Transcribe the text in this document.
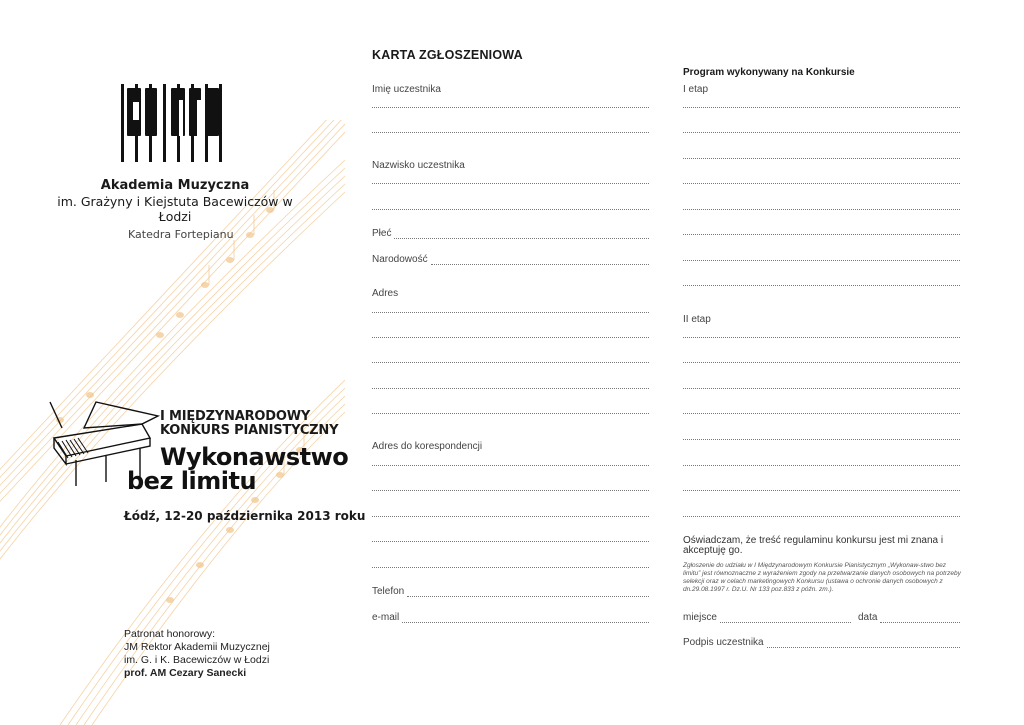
Akademia Muzyczna
im. Grażyny i Kiejstuta Bacewiczów w Łodzi
Katedra Fortepianu
I MIĘDZYNARODOWY
KONKURS PIANISTYCZNY
Wykonawstwo
bez limitu
Łódź, 12-20 października 2013 roku
Patronat honorowy:
JM Rektor Akademii Muzycznej
im. G. i K. Bacewiczów w Łodzi
prof. AM Cezary Sanecki
KARTA ZGŁOSZENIOWA
Imię uczestnika
Nazwisko uczestnika
Płeć
Narodowość
Adres
Adres do korespondencji
Telefon
e-mail
Program wykonywany na Konkursie
I etap
II etap
Oświadczam, że treść regulaminu konkursu jest mi znana i akceptuję go.
Zgłoszenie do udziału w I Międzynarodowym Konkursie Pianistycznym „Wykonaw-stwo bez limitu” jest równoznaczne z wyrażeniem zgody na przetwarzanie danych osobowych na potrzeby selekcji oraz w celach marketingowych Konkursu (ustawa o ochronie danych osobowych z dn.29.08.1997 r. Dz.U. Nr 133 poz.833 z późn. zm.).
miejsce	data
Podpis uczestnika
